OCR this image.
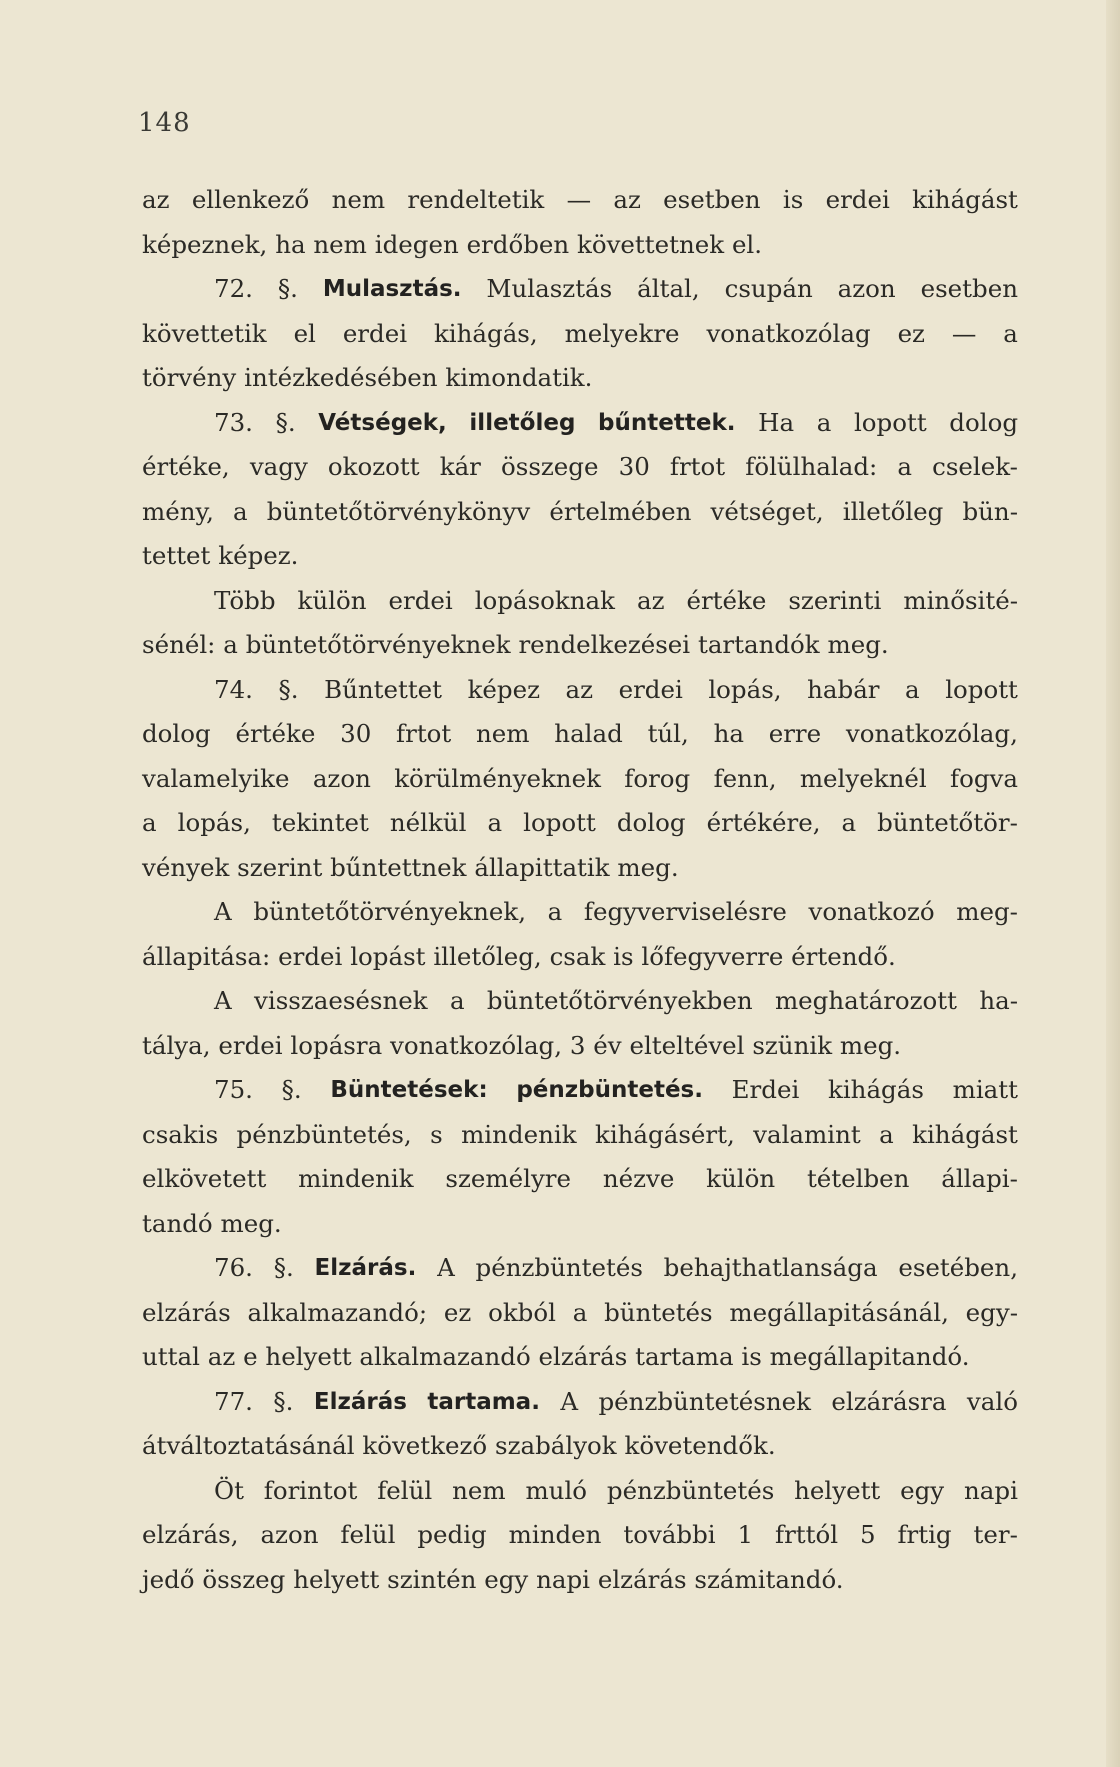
148
az ellenkező nem rendeltetik — az esetben is erdei kihágást
képeznek, ha nem idegen erdőben követtetnek el.
72. §. Mulasztás. Mulasztás által, csupán azon esetben
követtetik el erdei kihágás, melyekre vonatkozólag ez — a
törvény intézkedésében kimondatik.
73. §. Vétségek, illetőleg bűntettek. Ha a lopott dolog
értéke, vagy okozott kár összege 30 frtot fölülhalad: a cselek-
mény, a büntetőtörvénykönyv értelmében vétséget, illetőleg bün-
tettet képez.
Több külön erdei lopásoknak az értéke szerinti minősité-
sénél: a büntetőtörvényeknek rendelkezései tartandók meg.
74. §. Bűntettet képez az erdei lopás, habár a lopott
dolog értéke 30 frtot nem halad túl, ha erre vonatkozólag,
valamelyike azon körülményeknek forog fenn, melyeknél fogva
a lopás, tekintet nélkül a lopott dolog értékére, a büntetőtör-
vények szerint bűntettnek állapittatik meg.
A büntetőtörvényeknek, a fegyverviselésre vonatkozó meg-
állapitása: erdei lopást illetőleg, csak is lőfegyverre értendő.
A visszaesésnek a büntetőtörvényekben meghatározott ha-
tálya, erdei lopásra vonatkozólag, 3 év elteltével szünik meg.
75. §. Büntetések: pénzbüntetés. Erdei kihágás miatt
csakis pénzbüntetés, s mindenik kihágásért, valamint a kihágást
elkövetett mindenik személyre nézve külön tételben állapi-
tandó meg.
76. §. Elzárás. A pénzbüntetés behajthatlansága esetében,
elzárás alkalmazandó; ez okból a büntetés megállapitásánál, egy-
uttal az e helyett alkalmazandó elzárás tartama is megállapitandó.
77. §. Elzárás tartama. A pénzbüntetésnek elzárásra való
átváltoztatásánál következő szabályok követendők.
Öt forintot felül nem muló pénzbüntetés helyett egy napi
elzárás, azon felül pedig minden további 1 frttól 5 frtig ter-
jedő összeg helyett szintén egy napi elzárás számitandó.
